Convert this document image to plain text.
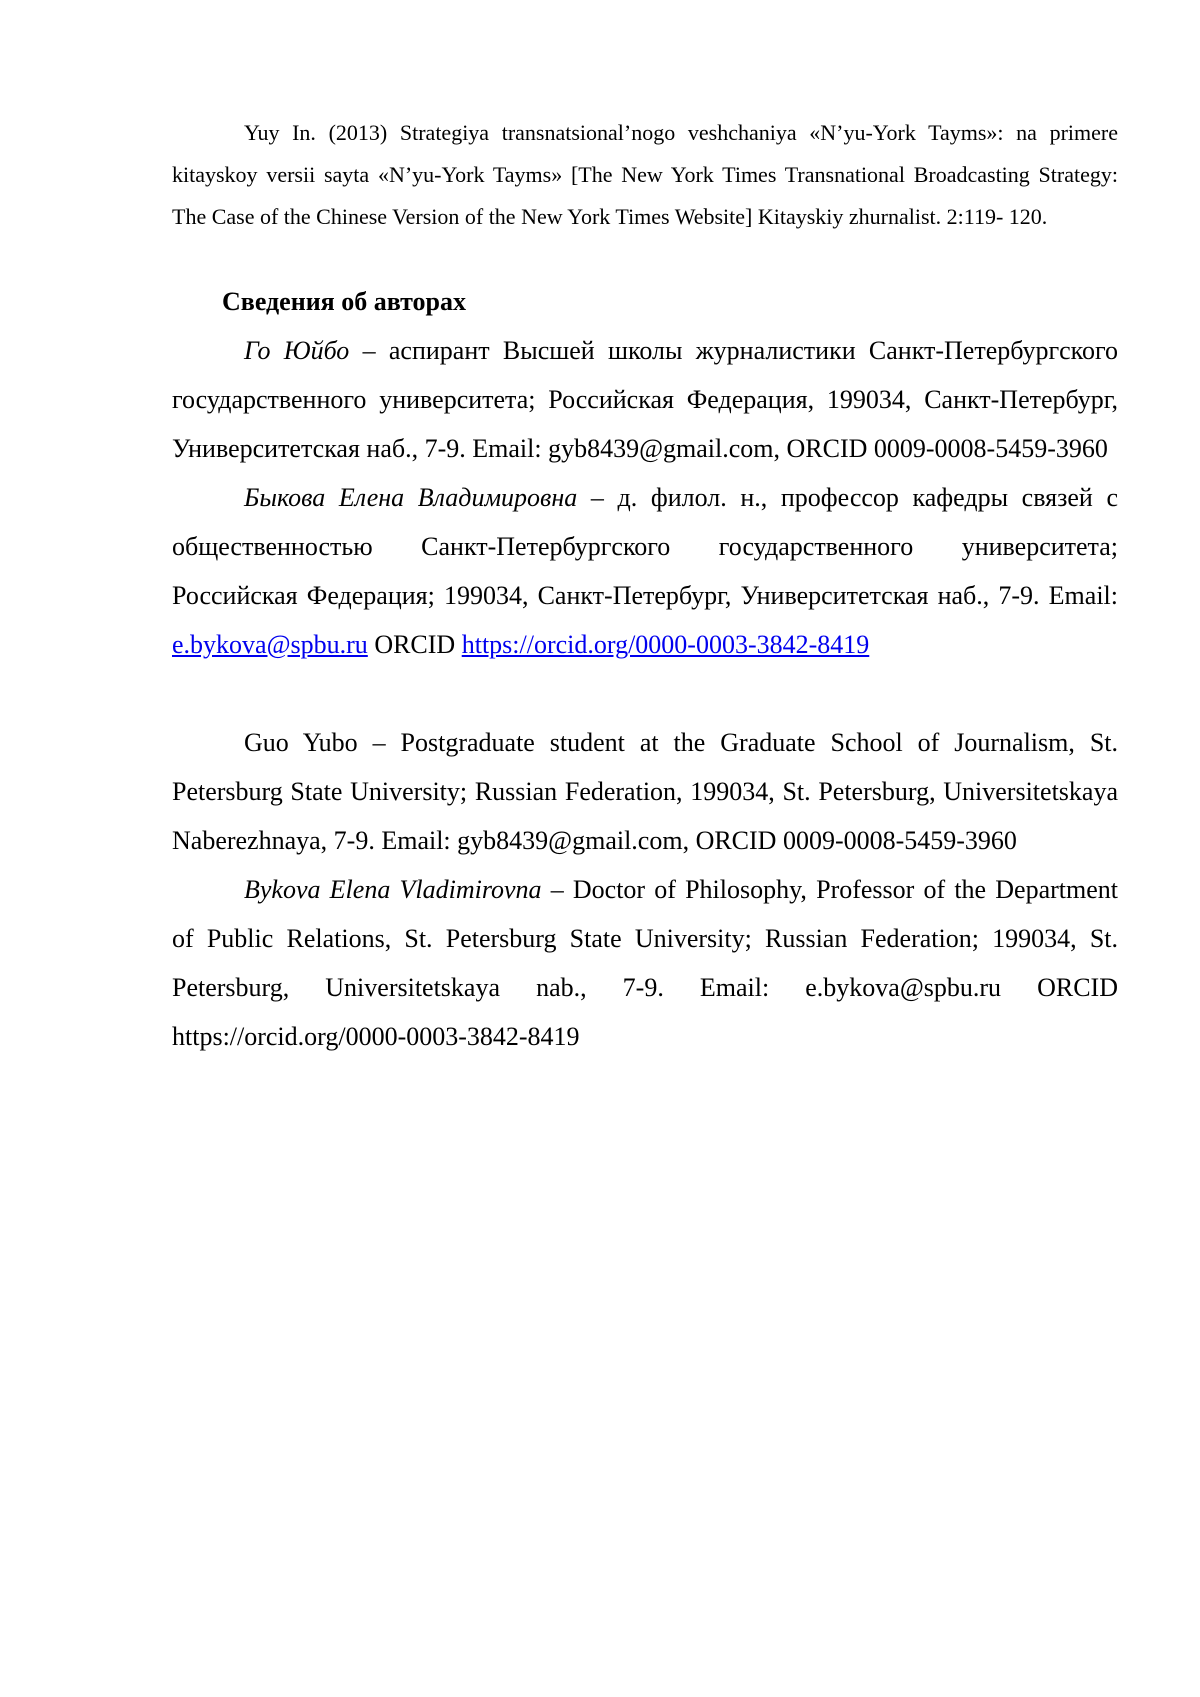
Yuy In. (2013) Strategiya transnatsional’nogo veshchaniya «N’yu-York Tayms»: na primere kitayskoy versii sayta «N’yu-York Tayms» [The New York Times Transnational Broadcasting Strategy: The Case of the Chinese Version of the New York Times Website] Kitayskiy zhurnalist. 2:119- 120.

Сведения об авторах

Го Юйбо – аспирант Высшей школы журналистики Санкт-Петербургского государственного университета; Российская Федерация, 199034, Санкт-Петербург, Университетская наб., 7-9. Email: gyb8439@gmail.com, ORCID 0009-0008-5459-3960

Быкова Елена Владимировна – д. филол. н., профессор кафедры связей с общественностью Санкт-Петербургского государственного университета; Российская Федерация; 199034, Санкт-Петербург, Университетская наб., 7-9. Email: e.bykova@spbu.ru ORCID https://orcid.org/0000-0003-3842-8419

Guo Yubo – Postgraduate student at the Graduate School of Journalism, St. Petersburg State University; Russian Federation, 199034, St. Petersburg, Universitetskaya Naberezhnaya, 7-9. Email: gyb8439@gmail.com, ORCID 0009-0008-5459-3960

Bykova Elena Vladimirovna – Doctor of Philosophy, Professor of the Department of Public Relations, St. Petersburg State University; Russian Federation; 199034, St. Petersburg, Universitetskaya nab., 7-9. Email: e.bykova@spbu.ru ORCID https://orcid.org/0000-0003-3842-8419
